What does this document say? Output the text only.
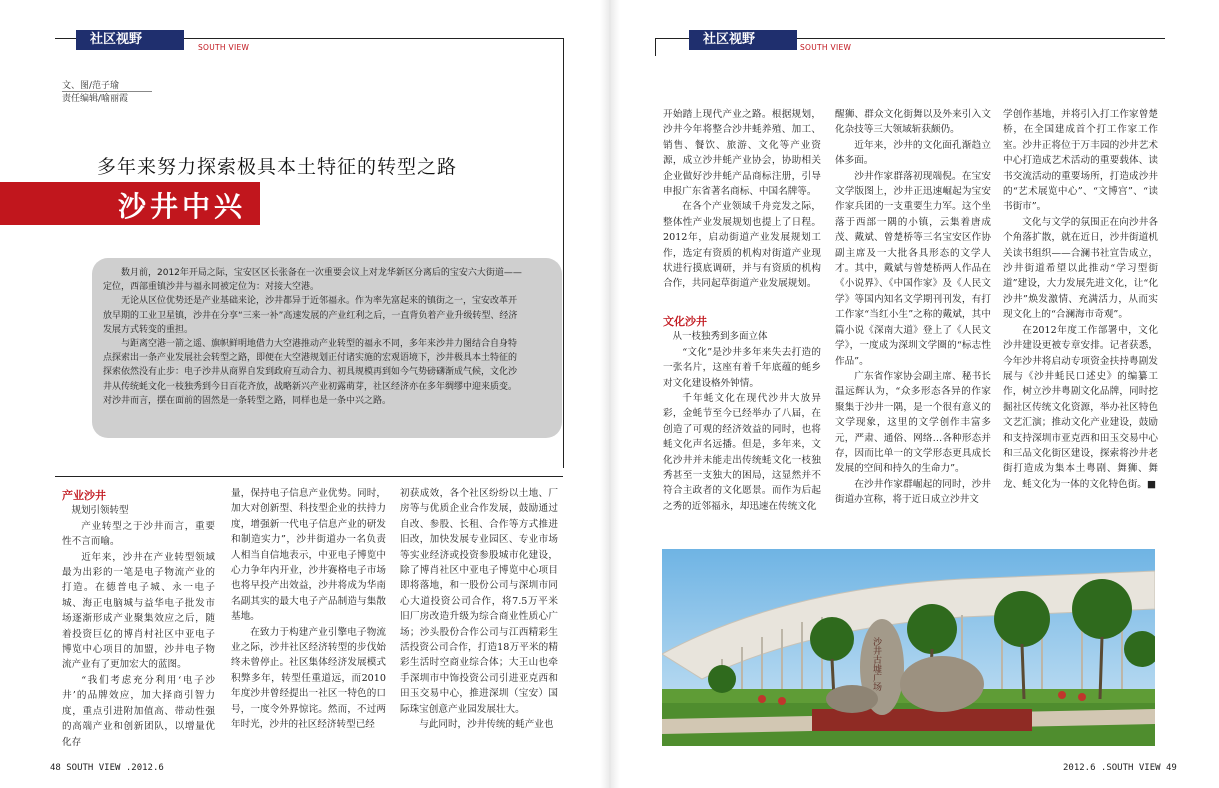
社区视野
SOUTH VIEW
文、图/范子瑜
责任编辑/喻丽霞
多年来努力探索极具本土特征的转型之路
沙井中兴

数月前，2012年开局之际，宝安区区长张备在一次重要会议上对龙华新区分离后的宝安六大街道——定位，西部重镇沙井与福永同被定位为：对接大空港。

无论从区位优势还是产业基础来论，沙井都异于近邻福永。作为率先富起来的镇街之一，宝安改革开放早期的工业卫星镇，沙井在分享“三来一补”高速发展的产业红利之后，一直背负着产业升级转型、经济发展方式转变的重担。

与距离空港一箭之遥、旗帜鲜明地借力大空港推动产业转型的福永不同，多年来沙井力图结合自身特点探索出一条产业发展社会转型之路，即便在大空港规划正付诸实施的宏观语境下，沙井极具本土特征的探索依然没有止步：电子沙井从商界自发到政府互动合力、初具规模再到如今气势磅礴渐成气候，文化沙井从传统蚝文化一枝独秀到今日百花齐放，战略新兴产业初露萌芽，社区经济亦在多年绸缪中迎来质变。对沙井而言，摆在面前的固然是一条转型之路，同样也是一条中兴之路。

产业沙井

规划引领转型

产业转型之于沙井而言，重要性不言而喻。

近年来，沙井在产业转型领域最为出彩的一笔是电子物流产业的打造。在德普电子城、永一电子城、海正电脑城与益华电子批发市场逐渐形成产业聚集效应之后，随着投资巨亿的博肖村社区中亚电子博览中心项目的加盟，沙井电子物流产业有了更加宏大的蓝图。

“我们考虑充分利用‘电子沙井’的品牌效应，加大择商引智力度，重点引进附加值高、带动性强的高端产业和创新团队，以增量优化存

量，保持电子信息产业优势。同时，加大对创新型、科技型企业的扶持力度，增强新一代电子信息产业的研发和制造实力”，沙井街道办一名负责人相当自信地表示，中亚电子博览中心力争年内开业，沙井赛格电子市场也将早投产出效益，沙井将成为华南名副其实的最大电子产品制造与集散基地。

在致力于构建产业引擎电子物流业之际，沙井社区经济转型的步伐始终未曾停止。社区集体经济发展模式积弊多年，转型任重道远，而2010年度沙井曾经提出一社区一特色的口号，一度令外界惊诧。然而，不过两年时光，沙井的社区经济转型已经

初获成效，各个社区纷纷以土地、厂房等与优质企业合作发展，鼓励通过自改、参股、长租、合作等方式推进旧改，加快发展专业园区、专业市场等实业经济或投资参股城市化建设，除了博肖社区中亚电子博览中心项目即将落地，和一股份公司与深圳市同心大道投资公司合作，将7.5万平米旧厂房改造升级为综合商业性质心广场；沙头股份合作公司与江西精彩生活投资公司合作，打造18万平米的精彩生活时空商业综合体；大王山也牵手深圳市中饰投资公司引进亚克西和田玉交易中心，推进深圳（宝安）国际珠宝创意产业园发展壮大。

与此同时，沙井传统的蚝产业也

48 SOUTH VIEW .2012.6
社区视野
SOUTH VIEW

开始踏上现代产业之路。根据规划，沙井今年将整合沙井蚝养殖、加工、销售、餐饮、旅游、文化等产业资源，成立沙井蚝产业协会，协助相关企业做好沙井蚝产品商标注册，引导申报广东省著名商标、中国名牌等。

在各个产业领域千舟竞发之际，整体性产业发展规划也提上了日程。2012年，启动街道产业发展规划工作，选定有资质的机构对街道产业现状进行摸底调研，并与有资质的机构合作，共同起草街道产业发展规划。

文化沙井

从一枝独秀到多面立体

“文化”是沙井多年来失去打造的一张名片，这座有着千年底蕴的蚝乡对文化建设格外钟情。

千年蚝文化在现代沙井大放异彩，金蚝节至今已经举办了八届，在创造了可观的经济效益的同时，也将蚝文化声名远播。但是，多年来，文化沙井并未能走出传统蚝文化一枝独秀甚至一支独大的困局，这显然并不符合主政者的文化愿景。而作为后起之秀的近邻福永，却迅速在传统文化

醒狮、群众文化街舞以及外来引入文化杂技等三大领域斩获颇仍。

近年来，沙井的文化面孔渐趋立体多面。

沙井作家群落初现端倪。在宝安文学版图上，沙井正迅速崛起为宝安作家兵团的一支重要生力军。这个坐落于西部一隅的小镇，云集着唐成茂、戴斌、曾楚桥等三名宝安区作协副主席及一大批各具形态的文学人才。其中，戴斌与曾楚桥两人作品在《小说界》、《中国作家》及《人民文学》等国内知名文学期刊刊发，有打工作家“当红小生”之称的戴斌，其中篇小说《深南大道》登上了《人民文学》，一度成为深圳文学圈的“标志性作品”。

广东省作家协会副主席、秘书长温远辉认为，“众多形态各异的作家聚集于沙井一隅，是一个很有意义的文学现象，这里的文学创作丰富多元，严肃、通俗、网络…各种形态并存，因而比单一的文学形态更具成长发展的空间和持久的生命力”。

在沙井作家群崛起的同时，沙井街道办宣称，将于近日成立沙井文

学创作基地，并将引入打工作家曾楚桥，在全国建成首个打工作家工作室。沙井正将位于万丰园的沙井艺术中心打造成艺术活动的重要载体、读书交流活动的重要场所，打造成沙井的“艺术展览中心”、“文博宫”、“读书街市”。

文化与文学的氛围正在向沙井各个角落扩散，就在近日，沙井街道机关读书组织——合澜书社宣告成立，沙井街道希望以此推动“学习型街道”建设，大力发展先进文化，让“化沙井”焕发激情、充满活力，从而实现文化上的“合澜海市奇观”。

在2012年度工作部署中，文化沙井建设更被专章安排。记者获悉，今年沙井将启动专项资金扶持粤剧发展与《沙井蚝民口述史》的编纂工作，树立沙井粤剧文化品牌，同时挖掘社区传统文化资源，举办社区特色文艺汇演；推动文化产业建设，鼓励和支持深圳市亚克西和田玉交易中心和三品文化街区建设，探索将沙井老街打造成为集本土粤剧、舞狮、舞龙、蚝文化为一体的文化特色街。■

沙井古墟广场
2012.6 .SOUTH VIEW 49
